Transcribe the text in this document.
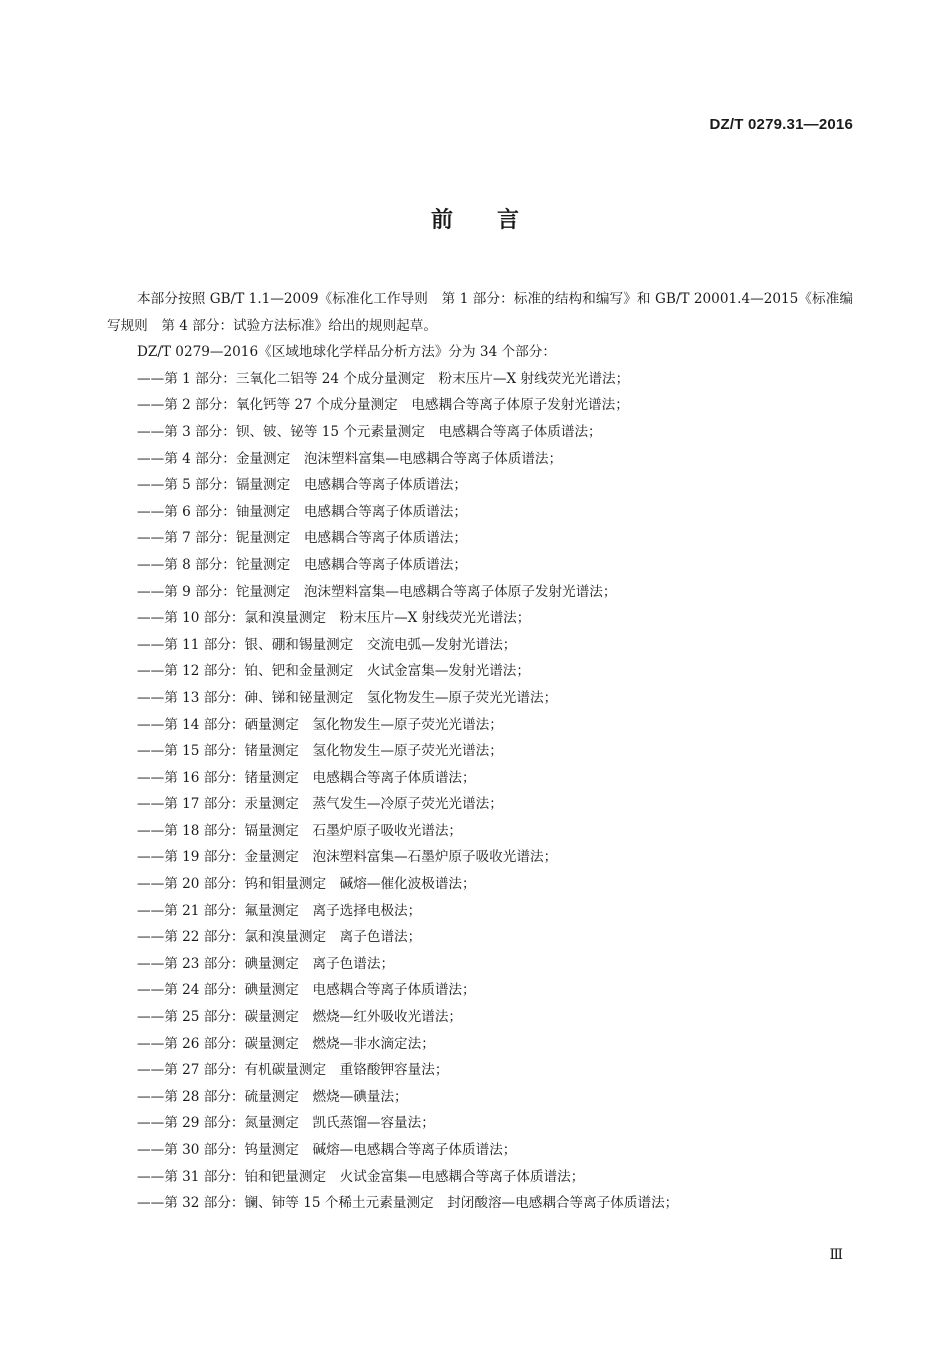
DZ/T 0279.31—2016
前言

本部分按照 GB/T 1.1—2009《标准化工作导则　第 1 部分：标准的结构和编写》和 GB/T 20001.4—2015《标准编写规则　第 4 部分：试验方法标准》给出的规则起草。

DZ/T 0279—2016《区域地球化学样品分析方法》分为 34 个部分：

——第 1 部分：三氧化二铝等 24 个成分量测定　粉末压片—X 射线荧光光谱法；
——第 2 部分：氧化钙等 27 个成分量测定　电感耦合等离子体原子发射光谱法；
——第 3 部分：钡、铍、铋等 15 个元素量测定　电感耦合等离子体质谱法；
——第 4 部分：金量测定　泡沫塑料富集—电感耦合等离子体质谱法；
——第 5 部分：镉量测定　电感耦合等离子体质谱法；
——第 6 部分：铀量测定　电感耦合等离子体质谱法；
——第 7 部分：铌量测定　电感耦合等离子体质谱法；
——第 8 部分：铊量测定　电感耦合等离子体质谱法；
——第 9 部分：铊量测定　泡沫塑料富集—电感耦合等离子体原子发射光谱法；
——第 10 部分：氯和溴量测定　粉末压片—X 射线荧光光谱法；
——第 11 部分：银、硼和锡量测定　交流电弧—发射光谱法；
——第 12 部分：铂、钯和金量测定　火试金富集—发射光谱法；
——第 13 部分：砷、锑和铋量测定　氢化物发生—原子荧光光谱法；
——第 14 部分：硒量测定　氢化物发生—原子荧光光谱法；
——第 15 部分：锗量测定　氢化物发生—原子荧光光谱法；
——第 16 部分：锗量测定　电感耦合等离子体质谱法；
——第 17 部分：汞量测定　蒸气发生—冷原子荧光光谱法；
——第 18 部分：镉量测定　石墨炉原子吸收光谱法；
——第 19 部分：金量测定　泡沫塑料富集—石墨炉原子吸收光谱法；
——第 20 部分：钨和钼量测定　碱熔—催化波极谱法；
——第 21 部分：氟量测定　离子选择电极法；
——第 22 部分：氯和溴量测定　离子色谱法；
——第 23 部分：碘量测定　离子色谱法；
——第 24 部分：碘量测定　电感耦合等离子体质谱法；
——第 25 部分：碳量测定　燃烧—红外吸收光谱法；
——第 26 部分：碳量测定　燃烧—非水滴定法；
——第 27 部分：有机碳量测定　重铬酸钾容量法；
——第 28 部分：硫量测定　燃烧—碘量法；
——第 29 部分：氮量测定　凯氏蒸馏—容量法；
——第 30 部分：钨量测定　碱熔—电感耦合等离子体质谱法；
——第 31 部分：铂和钯量测定　火试金富集—电感耦合等离子体质谱法；
——第 32 部分：镧、铈等 15 个稀土元素量测定　封闭酸溶—电感耦合等离子体质谱法；
Ⅲ
